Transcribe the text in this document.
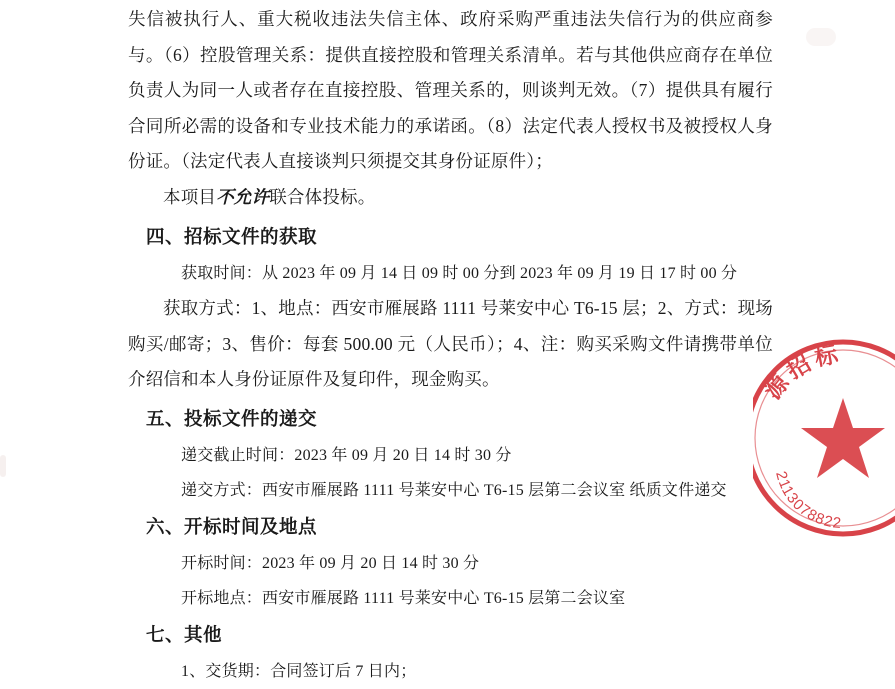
失信被执行人、重大税收违法失信主体、政府采购严重违法失信行为的供应商参与。（6）控股管理关系：提供直接控股和管理关系清单。若与其他供应商存在单位负责人为同一人或者存在直接控股、管理关系的，则谈判无效。（7）提供具有履行合同所必需的设备和专业技术能力的承诺函。（8）法定代表人授权书及被授权人身份证。（法定代表人直接谈判只须提交其身份证原件）；

本项目不允许联合体投标。

四、招标文件的获取

获取时间：从 2023 年 09 月 14 日 09 时 00 分到 2023 年 09 月 19 日 17 时 00 分

获取方式：1、地点：西安市雁展路 1111 号莱安中心 T6-15 层；2、方式：现场购买/邮寄；3、售价：每套 500.00 元（人民币）；4、注：购买采购文件请携带单位介绍信和本人身份证原件及复印件，现金购买。

五、投标文件的递交

递交截止时间：2023 年 09 月 20 日 14 时 30 分

递交方式：西安市雁展路 1111 号莱安中心 T6-15 层第二会议室 纸质文件递交

六、开标时间及地点

开标时间：2023 年 09 月 20 日 14 时 30 分

开标地点：西安市雁展路 1111 号莱安中心 T6-15 层第二会议室

七、其他

1、交货期：合同签订后 7 日内；

源招标
2113078822
